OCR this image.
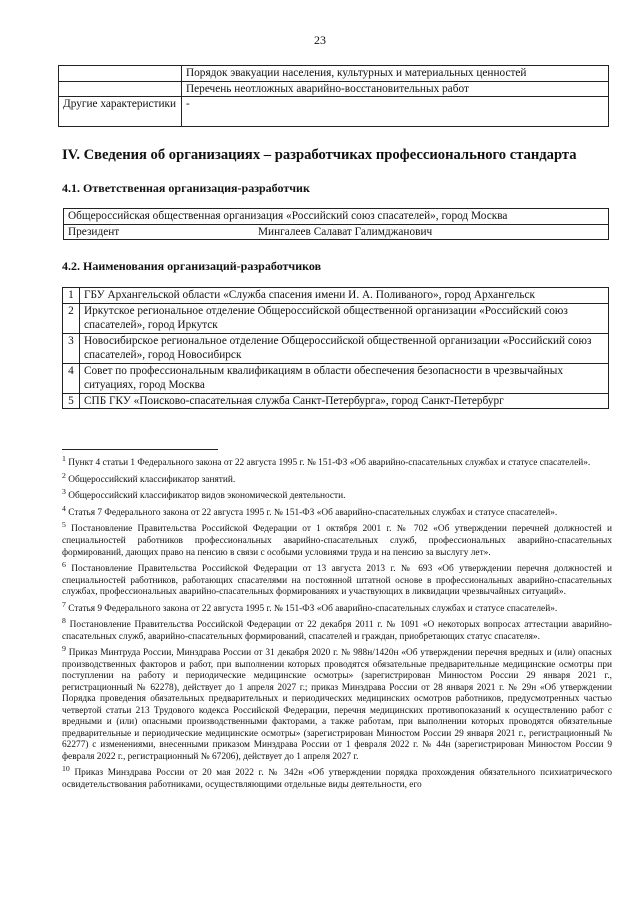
23
	Порядок эвакуации населения, культурных и материальных ценностей
	Перечень неотложных аварийно-восстановительных работ
Другие характеристики	-
IV. Сведения об организациях – разработчиках профессионального стандарта
4.1. Ответственная организация-разработчик
Общероссийская общественная организация «Российский союз спасателей», город Москва
Президент	Мингалеев Салават Галимджанович
4.2. Наименования организаций-разработчиков
1	ГБУ Архангельской области «Служба спасения имени И. А. Поливаного», город Архангельск
2	Иркутское региональное отделение Общероссийской общественной организации «Российский союз спасателей», город Иркутск
3	Новосибирское региональное отделение Общероссийской общественной организации «Российский союз спасателей», город Новосибирск
4	Совет по профессиональным квалификациям в области обеспечения безопасности в чрезвычайных ситуациях, город Москва
5	СПБ ГКУ «Поисково-спасательная служба Санкт-Петербурга», город Санкт-Петербург

$^1$ Пункт 4 статьи 1 Федерального закона от 22 августа 1995 г. № 151-ФЗ «Об аварийно-спасательных службах и статусе спасателей».

$^2$ Общероссийский классификатор занятий.

$^3$ Общероссийский классификатор видов экономической деятельности.

$^4$ Статья 7 Федерального закона от 22 августа 1995 г. № 151-ФЗ «Об аварийно-спасательных службах и статусе спасателей».

$^5$ Постановление Правительства Российской Федерации от 1 октября 2001 г. № 702 «Об утверждении перечней должностей и специальностей работников профессиональных аварийно-спасательных служб, профессиональных аварийно-спасательных формирований, дающих право на пенсию в связи с особыми условиями труда и на пенсию за выслугу лет».

$^6$ Постановление Правительства Российской Федерации от 13 августа 2013 г. № 693 «Об утверждении перечня должностей и специальностей работников, работающих спасателями на постоянной штатной основе в профессиональных аварийно-спасательных службах, профессиональных аварийно-спасательных формированиях и участвующих в ликвидации чрезвычайных ситуаций».

$^7$ Статья 9 Федерального закона от 22 августа 1995 г. № 151-ФЗ «Об аварийно-спасательных службах и статусе спасателей».

$^8$ Постановление Правительства Российской Федерации от 22 декабря 2011 г. № 1091 «О некоторых вопросах аттестации аварийно-спасательных служб, аварийно-спасательных формирований, спасателей и граждан, приобретающих статус спасателя».

$^9$ Приказ Минтруда России, Минздрава России от 31 декабря 2020 г. № 988н/1420н «Об утверждении перечня вредных и (или) опасных производственных факторов и работ, при выполнении которых проводятся обязательные предварительные медицинские осмотры при поступлении на работу и периодические медицинские осмотры» (зарегистрирован Минюстом России 29 января 2021 г., регистрационный № 62278), действует до 1 апреля 2027 г.; приказ Минздрава России от 28 января 2021 г. № 29н «Об утверждении Порядка проведения обязательных предварительных и периодических медицинских осмотров работников, предусмотренных частью четвертой статьи 213 Трудового кодекса Российской Федерации, перечня медицинских противопоказаний к осуществлению работ с вредными и (или) опасными производственными факторами, а также работам, при выполнении которых проводятся обязательные предварительные и периодические медицинские осмотры» (зарегистрирован Минюстом России 29 января 2021 г., регистрационный № 62277) с изменениями, внесенными приказом Минздрава России от 1 февраля 2022 г. № 44н (зарегистрирован Минюстом России 9 февраля 2022 г., регистрационный № 67206), действует до 1 апреля 2027 г.

$^{10}$ Приказ Минздрава России от 20 мая 2022 г. № 342н «Об утверждении порядка прохождения обязательного психиатрического освидетельствования работниками, осуществляющими отдельные виды деятельности, его
